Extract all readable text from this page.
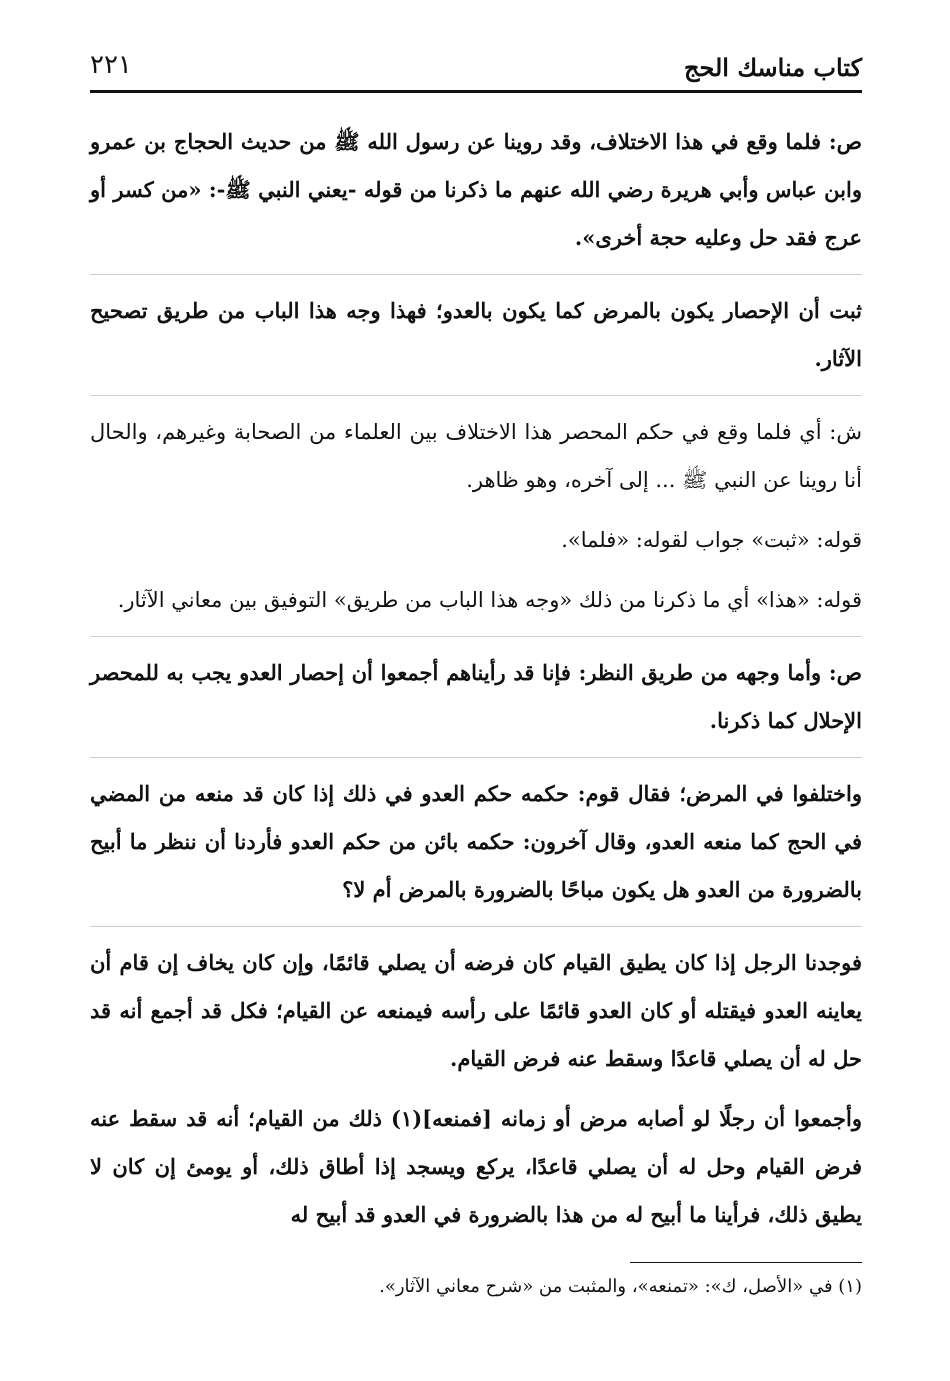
كتاب مناسك الحج
٢٢١

ص: فلما وقع في هذا الاختلاف، وقد روينا عن رسول الله ﷺ من حديث الحجاج بن عمرو وابن عباس وأبي هريرة رضي الله عنهم ما ذكرنا من قوله -يعني النبي ﷺ-: «من كسر أو عرج فقد حل وعليه حجة أخرى».

ثبت أن الإحصار يكون بالمرض كما يكون بالعدو؛ فهذا وجه هذا الباب من طريق تصحيح الآثار.

ش: أي فلما وقع في حكم المحصر هذا الاختلاف بين العلماء من الصحابة وغيرهم، والحال أنا روينا عن النبي ﷺ ... إلى آخره، وهو ظاهر.

قوله: «ثبت» جواب لقوله: «فلما».

قوله: «هذا» أي ما ذكرنا من ذلك «وجه هذا الباب من طريق» التوفيق بين معاني الآثار.

ص: وأما وجهه من طريق النظر: فإنا قد رأيناهم أجمعوا أن إحصار العدو يجب به للمحصر الإحلال كما ذكرنا.

واختلفوا في المرض؛ فقال قوم: حكمه حكم العدو في ذلك إذا كان قد منعه من المضي في الحج كما منعه العدو، وقال آخرون: حكمه بائن من حكم العدو فأردنا أن ننظر ما أبيح بالضرورة من العدو هل يكون مباحًا بالضرورة بالمرض أم لا؟

فوجدنا الرجل إذا كان يطيق القيام كان فرضه أن يصلي قائمًا، وإن كان يخاف إن قام أن يعاينه العدو فيقتله أو كان العدو قائمًا على رأسه فيمنعه عن القيام؛ فكل قد أجمع أنه قد حل له أن يصلي قاعدًا وسقط عنه فرض القيام.

وأجمعوا أن رجلًا لو أصابه مرض أو زمانه [فمنعه](١) ذلك من القيام؛ أنه قد سقط عنه فرض القيام وحل له أن يصلي قاعدًا، يركع ويسجد إذا أطاق ذلك، أو يومئ إن كان لا يطيق ذلك، فرأينا ما أبيح له من هذا بالضرورة في العدو قد أبيح له

(١) في «الأصل، ك»: «تمنعه»، والمثبت من «شرح معاني الآثار».
